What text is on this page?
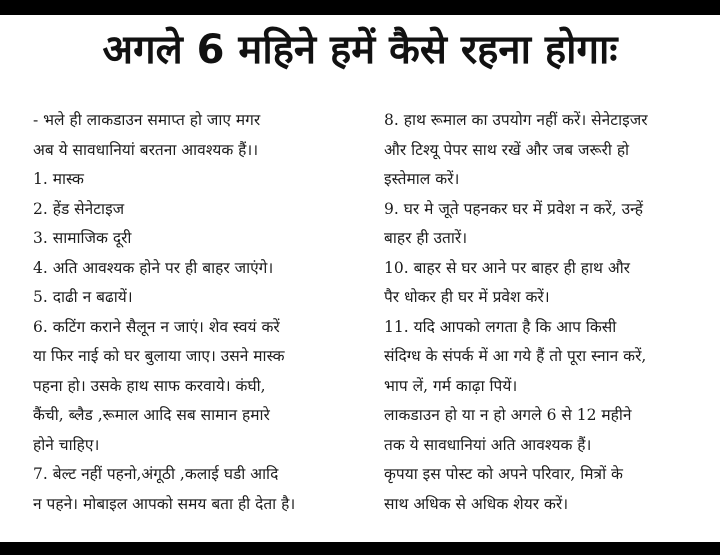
अगले 6 महिने हमें कैसे रहना होगाः

- भले ही लाकडाउन समाप्त हो जाए मगर

अब ये सावधानियां बरतना आवश्यक हैं।।

1. मास्क

2. हेंड सेनेटाइज

3. सामाजिक दूरी

4. अति आवश्यक होने पर ही बाहर जाएंगे।

5. दाढी न बढायें।

6. कटिंग कराने सैलून न जाएं। शेव स्वयं करें

या फिर नाई को घर बुलाया जाए। उसने मास्क

पहना हो। उसके हाथ साफ करवाये। कंघी,

कैंची, ब्लैड ,रूमाल आदि सब सामान हमारे

होने चाहिए।

7. बेल्ट नहीं पहनो,अंगूठी ,कलाई घडी आदि

न पहने। मोबाइल आपको समय बता ही देता है।

8. हाथ रूमाल का उपयोग नहीं करें। सेनेटाइजर

और टिश्यू पेपर साथ रखें और जब जरूरी हो

इस्तेमाल करें।

9. घर मे जूते पहनकर घर में प्रवेश न करें, उन्हें

बाहर ही उतारें।

10. बाहर से घर आने पर बाहर ही हाथ और

पैर धोकर ही घर में प्रवेश करें।

11. यदि आपको लगता है कि आप किसी

संदिग्ध के संपर्क में आ गये हैं तो पूरा स्नान करें,

भाप लें, गर्म काढ़ा पियें।

लाकडाउन हो या न हो अगले 6 से 12 महीने

तक ये सावधानियां अति आवश्यक हैं।

कृपया इस पोस्ट को अपने परिवार, मित्रों के

साथ अधिक से अधिक शेयर करें।
